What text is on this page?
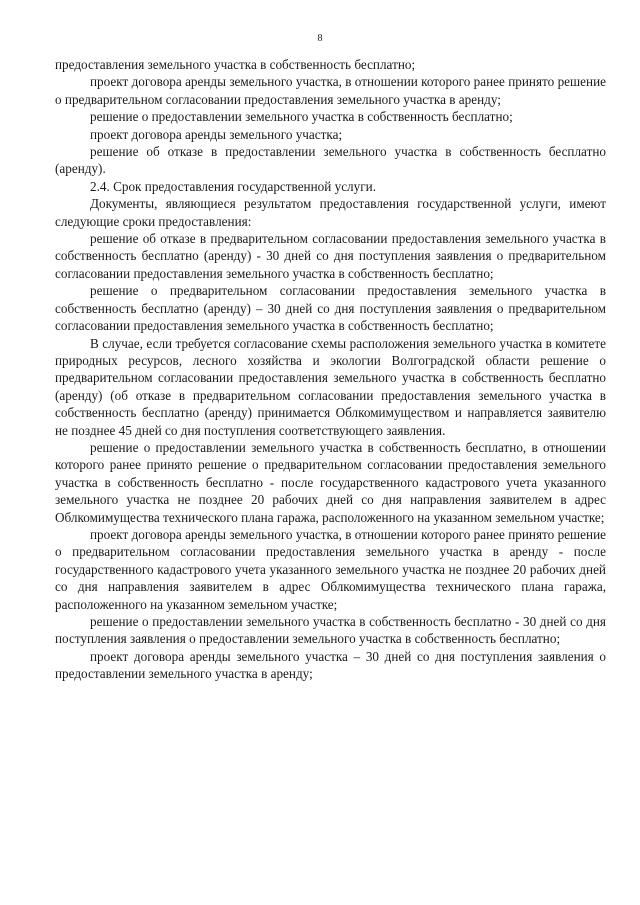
8

предоставления земельного участка в собственность бесплатно;

проект договора аренды земельного участка, в отношении которого ранее принято решение о предварительном согласовании предоставления земельного участка в аренду;

решение о предоставлении земельного участка в собственность бесплатно;

проект договора аренды земельного участка;

решение об отказе в предоставлении земельного участка в собственность бесплатно (аренду).

2.4. Срок предоставления государственной услуги.

Документы, являющиеся результатом предоставления государственной услуги, имеют следующие сроки предоставления:

решение об отказе в предварительном согласовании предоставления земельного участка в собственность бесплатно (аренду) - 30 дней со дня поступления заявления о предварительном согласовании предоставления земельного участка в собственность бесплатно;

решение о предварительном согласовании предоставления земельного участка в собственность бесплатно (аренду) – 30 дней со дня поступления заявления о предварительном согласовании предоставления земельного участка в собственность бесплатно;

В случае, если требуется согласование схемы расположения земельного участка в комитете природных ресурсов, лесного хозяйства и экологии Волгоградской области решение о предварительном согласовании предоставления земельного участка в собственность бесплатно (аренду) (об отказе в предварительном согласовании предоставления земельного участка в собственность бесплатно (аренду) принимается Облкомимуществом и направляется заявителю не позднее 45 дней со дня поступления соответствующего заявления.

решение о предоставлении земельного участка в собственность бесплатно, в отношении которого ранее принято решение о предварительном согласовании предоставления земельного участка в собственность бесплатно - после государственного кадастрового учета указанного земельного участка не позднее 20 рабочих дней со дня направления заявителем в адрес Облкомимущества технического плана гаража, расположенного на указанном земельном участке;

проект договора аренды земельного участка, в отношении которого ранее принято решение о предварительном согласовании предоставления земельного участка в аренду - после государственного кадастрового учета указанного земельного участка не позднее 20 рабочих дней со дня направления заявителем в адрес Облкомимущества технического плана гаража, расположенного на указанном земельном участке;

решение о предоставлении земельного участка в собственность бесплатно - 30 дней со дня поступления заявления о предоставлении земельного участка в собственность бесплатно;

проект договора аренды земельного участка – 30 дней со дня поступления заявления о предоставлении земельного участка в аренду;
